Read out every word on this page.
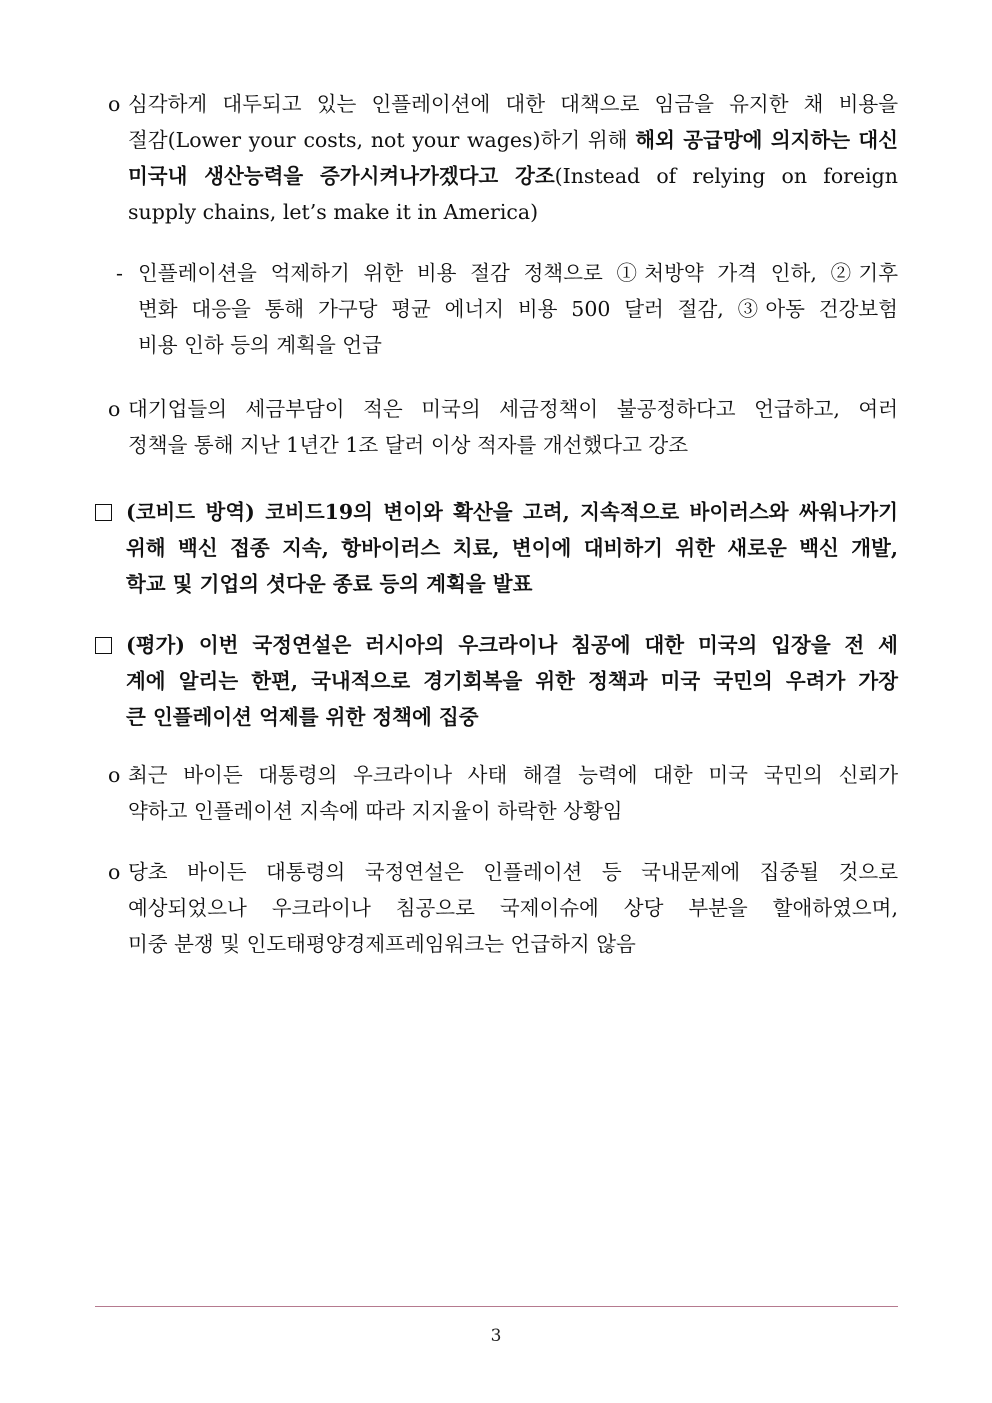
o 심각하게 대두되고 있는 인플레이션에 대한 대책으로 임금을 유지한 채 비용을
절감(Lower your costs, not your wages)하기 위해 해외 공급망에 의지하는 대신
미국내 생산능력을 증가시켜나가겠다고 강조(Instead of relying on foreign
supply chains, let’s make it in America)
- 인플레이션을 억제하기 위한 비용 절감 정책으로 ①처방약 가격 인하, ②기후
변화 대응을 통해 가구당 평균 에너지 비용 500 달러 절감, ③아동 건강보험
비용 인하 등의 계획을 언급
o 대기업들의 세금부담이 적은 미국의 세금정책이 불공정하다고 언급하고, 여러
정책을 통해 지난 1년간 1조 달러 이상 적자를 개선했다고 강조
(코비드 방역) 코비드19의 변이와 확산을 고려, 지속적으로 바이러스와 싸워나가기
위해 백신 접종 지속, 항바이러스 치료, 변이에 대비하기 위한 새로운 백신 개발,
학교 및 기업의 셧다운 종료 등의 계획을 발표
(평가) 이번 국정연설은 러시아의 우크라이나 침공에 대한 미국의 입장을 전 세
계에 알리는 한편, 국내적으로 경기회복을 위한 정책과 미국 국민의 우려가 가장
큰 인플레이션 억제를 위한 정책에 집중
o 최근 바이든 대통령의 우크라이나 사태 해결 능력에 대한 미국 국민의 신뢰가
약하고 인플레이션 지속에 따라 지지율이 하락한 상황임
o 당초 바이든 대통령의 국정연설은 인플레이션 등 국내문제에 집중될 것으로
예상되었으나 우크라이나 침공으로 국제이슈에 상당 부분을 할애하였으며,
미중 분쟁 및 인도태평양경제프레임워크는 언급하지 않음
3
